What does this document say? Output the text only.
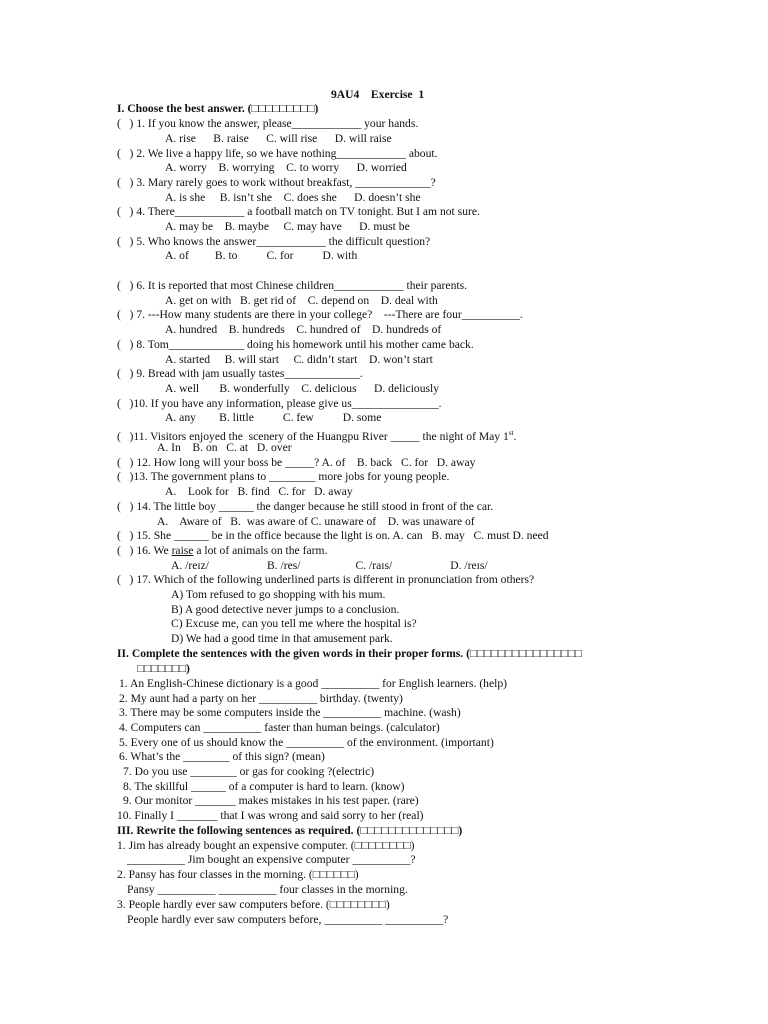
9AU4    Exercise  1
I. Choose the best answer. (□□□□□□□□□)
(   ) 1. If you know the answer, please____________ your hands.
A. rise      B. raise      C. will rise      D. will raise
(   ) 2. We live a happy life, so we have nothing____________ about.
A. worry    B. worrying    C. to worry      D. worried
(   ) 3. Mary rarely goes to work without breakfast, _____________?
A. is she     B. isn’t she    C. does she      D. doesn’t she
(   ) 4. There____________ a football match on TV tonight. But I am not sure.
A. may be    B. maybe     C. may have      D. must be
(   ) 5. Who knows the answer____________ the difficult question?
A. of         B. to          C. for          D. with
(   ) 6. It is reported that most Chinese children____________ their parents.
A. get on with   B. get rid of    C. depend on    D. deal with
(   ) 7. ---How many students are there in your college?    ---There are four__________.
A. hundred    B. hundreds    C. hundred of    D. hundreds of
(   ) 8. Tom_____________ doing his homework until his mother came back.
A. started     B. will start     C. didn’t start    D. won’t start
(   ) 9. Bread with jam usually tastes_____________.
A. well       B. wonderfully    C. delicious      D. deliciously
(   )10. If you have any information, please give us_______________.
A. any        B. little          C. few          D. some
(   )11. Visitors enjoyed the  scenery of the Huangpu River _____ the night of May 1st.
A. In    B. on   C. at   D. over
(   ) 12. How long will your boss be _____? A. of    B. back   C. for   D. away
(   )13. The government plans to ________ more jobs for young people.
A.    Look for   B. find   C. for   D. away
(   ) 14. The little boy ______ the danger because he still stood in front of the car.
A.    Aware of   B.  was aware of C. unaware of    D. was unaware of
(   ) 15. She ______ be in the office because the light is on. A. can   B. may   C. must D. need
(   ) 16. We raise a lot of animals on the farm.
A. /reɪz/                    B. /res/                   C. /raɪs/                    D. /reɪs/
(   ) 17. Which of the following underlined parts is different in pronunciation from others?
A) Tom refused to go shopping with his mum.
B) A good detective never jumps to a conclusion.
C) Excuse me, can you tell me where the hospital is?
D) We had a good time in that amusement park.
II. Complete the sentences with the given words in their proper forms. (□□□□□□□□□□□□□□□□
□□□□□□□)
1. An English-Chinese dictionary is a good __________ for English learners. (help)
2. My aunt had a party on her __________ birthday. (twenty)
3. There may be some computers inside the __________ machine. (wash)
4. Computers can __________ faster than human beings. (calculator)
5. Every one of us should know the __________ of the environment. (important)
6. What’s the ________ of this sign? (mean)
7. Do you use ________ or gas for cooking ?(electric)
8. The skillful ______ of a computer is hard to learn. (know)
9. Our monitor _______ makes mistakes in his test paper. (rare)
10. Finally I _______ that I was wrong and said sorry to her (real)
III. Rewrite the following sentences as required. (□□□□□□□□□□□□□□)
1. Jim has already bought an expensive computer. (□□□□□□□□)
__________ Jim bought an expensive computer __________?
2. Pansy has four classes in the morning. (□□□□□□)
Pansy __________ __________ four classes in the morning.
3. People hardly ever saw computers before. (□□□□□□□□)
People hardly ever saw computers before, __________ __________?
